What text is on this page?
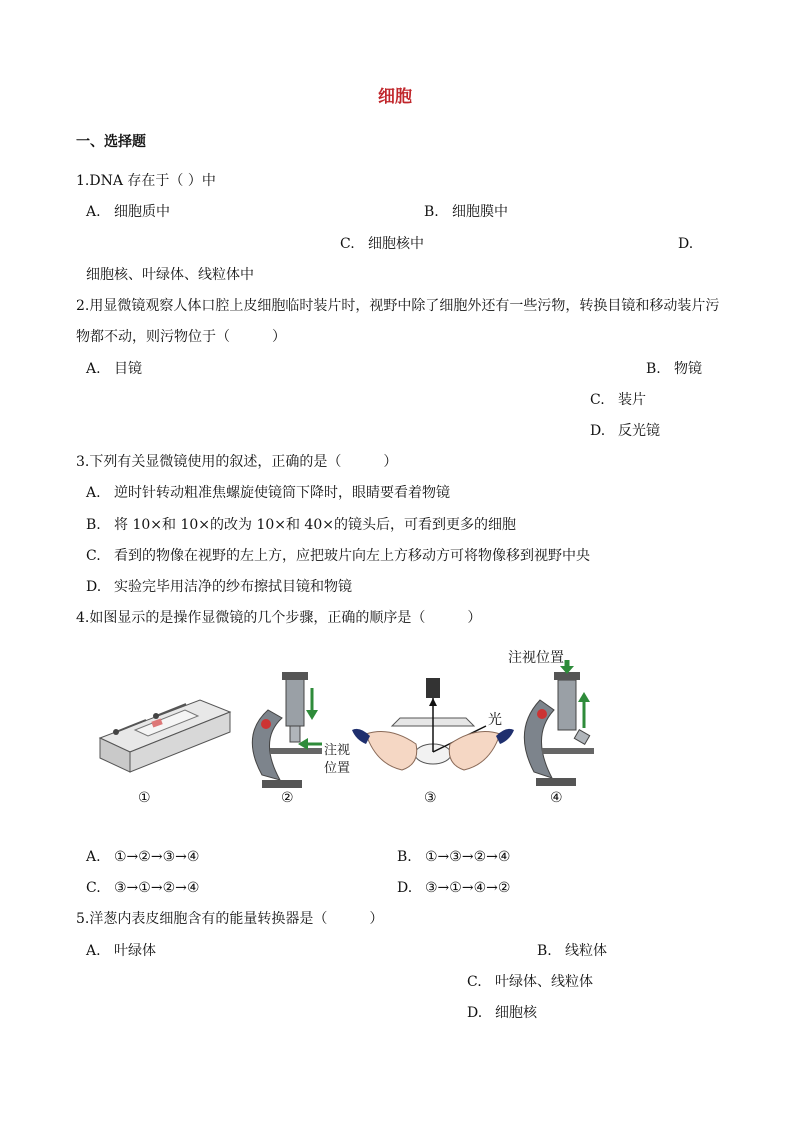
细胞
一、选择题
1.DNA 存在于（ ）中
A. 细胞质中	B. 细胞膜中
C. 细胞核中	D.
细胞核、叶绿体、线粒体中
2.用显微镜观察人体口腔上皮细胞临时装片时，视野中除了细胞外还有一些污物，转换目镜和移动装片污
物都不动，则污物位于（　　　）
A. 目镜	B. 物镜
C. 装片
D. 反光镜
3.下列有关显微镜使用的叙述，正确的是（　　　）
A. 逆时针转动粗准焦螺旋使镜筒下降时，眼睛要看着物镜
B. 将 10×和 10×的改为 10×和 40×的镜头后，可看到更多的细胞
C. 看到的物像在视野的左上方，应把玻片向左上方移动方可将物像移到视野中央
D. 实验完毕用洁净的纱布擦拭目镜和物镜
4.如图显示的是操作显微镜的几个步骤，正确的顺序是（　　　）
①
注视
位置
②
光
③
注视位置
④
A. ①→②→③→④	B. ①→③→②→④
C. ③→①→②→④	D. ③→①→④→②
5.洋葱内表皮细胞含有的能量转换器是（　　　）
A. 叶绿体	B. 线粒体
C. 叶绿体、线粒体
D. 细胞核
